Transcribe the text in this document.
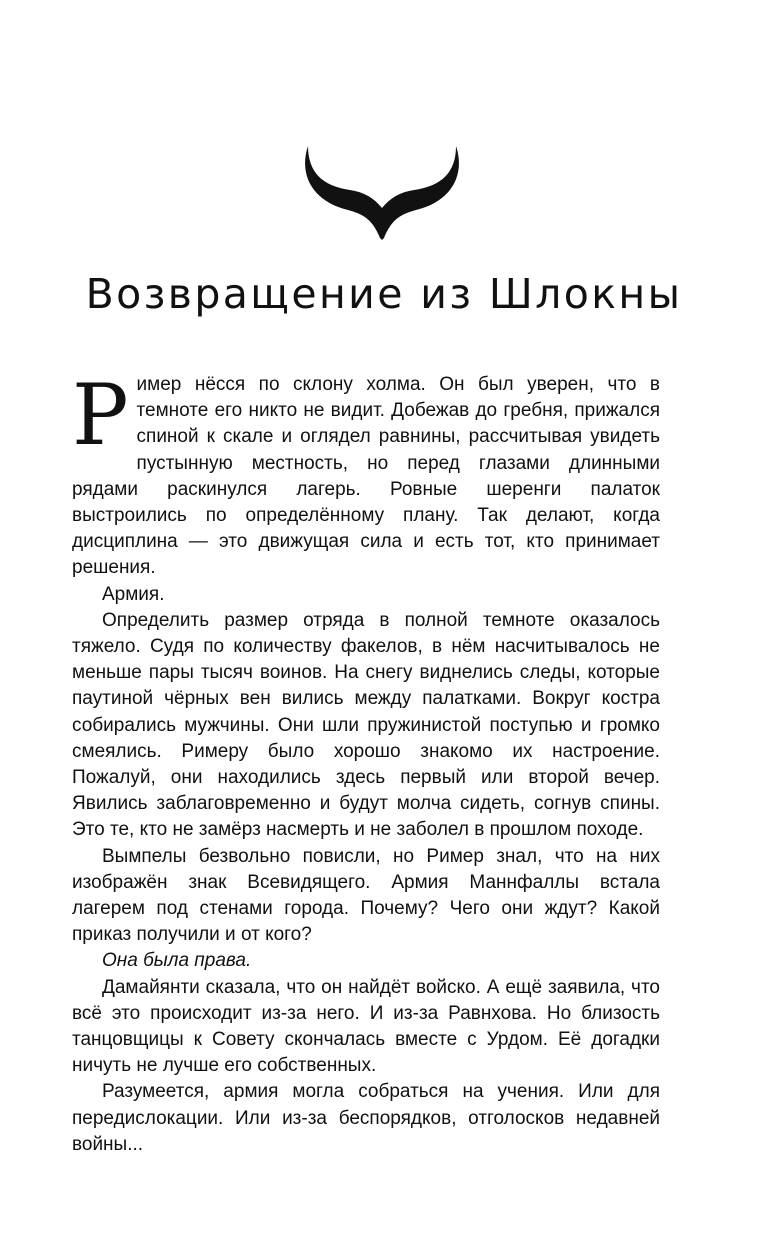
Возвращение из Шлокны

Ример нёсся по склону холма. Он был уверен, что в темноте его никто не видит. Добежав до гребня, прижался спиной к скале и оглядел равнины, рассчитывая увидеть пустынную местность, но перед глазами длинными рядами раскинулся лагерь. Ровные шеренги палаток выстроились по определённому плану. Так делают, когда дисциплина — это движущая сила и есть тот, кто принимает решения.

Армия.

Определить размер отряда в полной темноте оказалось тяжело. Судя по количеству факелов, в нём насчитывалось не меньше пары тысяч воинов. На снегу виднелись следы, которые паутиной чёрных вен вились между палатками. Вокруг костра собирались мужчины. Они шли пружинистой поступью и громко смеялись. Римеру было хорошо знакомо их настроение. Пожалуй, они находились здесь первый или второй вечер. Явились заблаговременно и будут молча сидеть, согнув спины. Это те, кто не замёрз насмерть и не заболел в прошлом походе.

Вымпелы безвольно повисли, но Ример знал, что на них изображён знак Всевидящего. Армия Маннфаллы встала лагерем под стенами города. Почему? Чего они ждут? Какой приказ получили и от кого?

Она была права.

Дамайянти сказала, что он найдёт войско. А ещё заявила, что всё это происходит из-за него. И из-за Равнхова. Но близость танцовщицы к Совету скончалась вместе с Урдом. Её догадки ничуть не лучше его собственных.

Разумеется, армия могла собраться на учения. Или для передислокации. Или из-за беспорядков, отголосков недавней войны...
